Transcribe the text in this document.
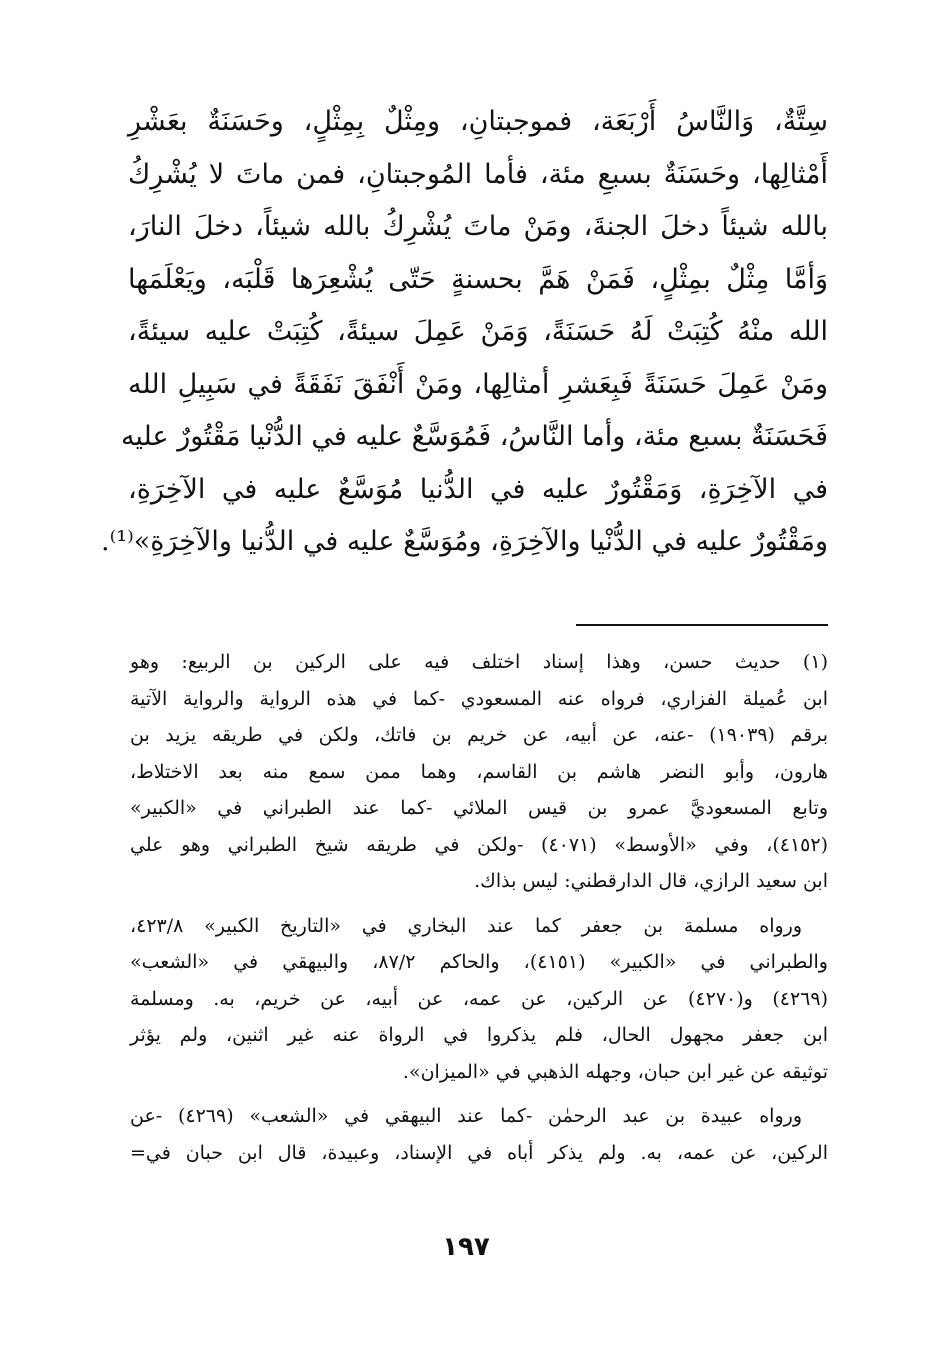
سِتَّةٌ، وَالنَّاسُ أَرْبَعَة، فموجبتانِ، ومِثْلٌ بِمِثْلٍ، وحَسَنَةٌ بعَشْرِ
أَمْثالِها، وحَسَنَةٌ بسبعِ مئة، فأما المُوجبتانِ، فمن ماتَ لا يُشْرِكُ
بالله شيئاً دخلَ الجنةَ، ومَنْ ماتَ يُشْرِكُ بالله شيئاً، دخلَ النارَ،
وَأمَّا مِثْلٌ بمِثْلٍ، فَمَنْ هَمَّ بحسنةٍ حَتّى يُشْعِرَها قَلْبَه، ويَعْلَمَها
الله منْهُ كُتِبَتْ لَهُ حَسَنَةً، وَمَنْ عَمِلَ سيئةً، كُتِبَتْ عليه سيئةً،
ومَنْ عَمِلَ حَسَنَةً فَبِعَشرِ أمثالِها، ومَنْ أَنْفَقَ نَفَقَةً في سَبِيلِ الله
فَحَسَنَةٌ بسبع مئة، وأما النَّاسُ، فَمُوَسَّعٌ عليه في الدُّنْيا مَقْتُورٌ عليه
في الآخِرَةِ، وَمَقْتُورٌ عليه في الدُّنيا مُوَسَّعٌ عليه في الآخِرَةِ،
ومَقْتُورٌ عليه في الدُّنْيا والآخِرَةِ، ومُوَسَّعٌ عليه في الدُّنيا والآخِرَةِ»⁽¹⁾.
(١) حديث حسن، وهذا إسناد اختلف فيه على الركين بن الربيع: وهو
ابن عُميلة الفزاري، فرواه عنه المسعودي -كما في هذه الرواية والرواية الآتية
برقم (١٩٠٣٩) -عنه، عن أبيه، عن خريم بن فاتك، ولكن في طريقه يزيد بن
هارون، وأبو النضر هاشم بن القاسم، وهما ممن سمع منه بعد الاختلاط،
وتابع المسعوديَّ عمرو بن قيس الملائي -كما عند الطبراني في «الكبير»
(٤١٥٢)، وفي «الأوسط» (٤٠٧١) -ولكن في طريقه شيخ الطبراني وهو علي
ابن سعيد الرازي، قال الدارقطني: ليس بذاك.
ورواه مسلمة بن جعفر كما عند البخاري في «التاريخ الكبير» ٤٢٣/٨،
والطبراني في «الكبير» (٤١٥١)، والحاكم ٨٧/٢، والبيهقي في «الشعب»
(٤٢٦٩) و(٤٢٧٠) عن الركين، عن عمه، عن أبيه، عن خريم، به. ومسلمة
ابن جعفر مجهول الحال، فلم يذكروا في الرواة عنه غير اثنين، ولم يؤثر
توثيقه عن غير ابن حبان، وجهله الذهبي في «الميزان».
ورواه عبيدة بن عبد الرحمٰن -كما عند البيهقي في «الشعب» (٤٢٦٩) -عن
الركين، عن عمه، به. ولم يذكر أباه في الإسناد، وعبيدة، قال ابن حبان في=
١٩٧
